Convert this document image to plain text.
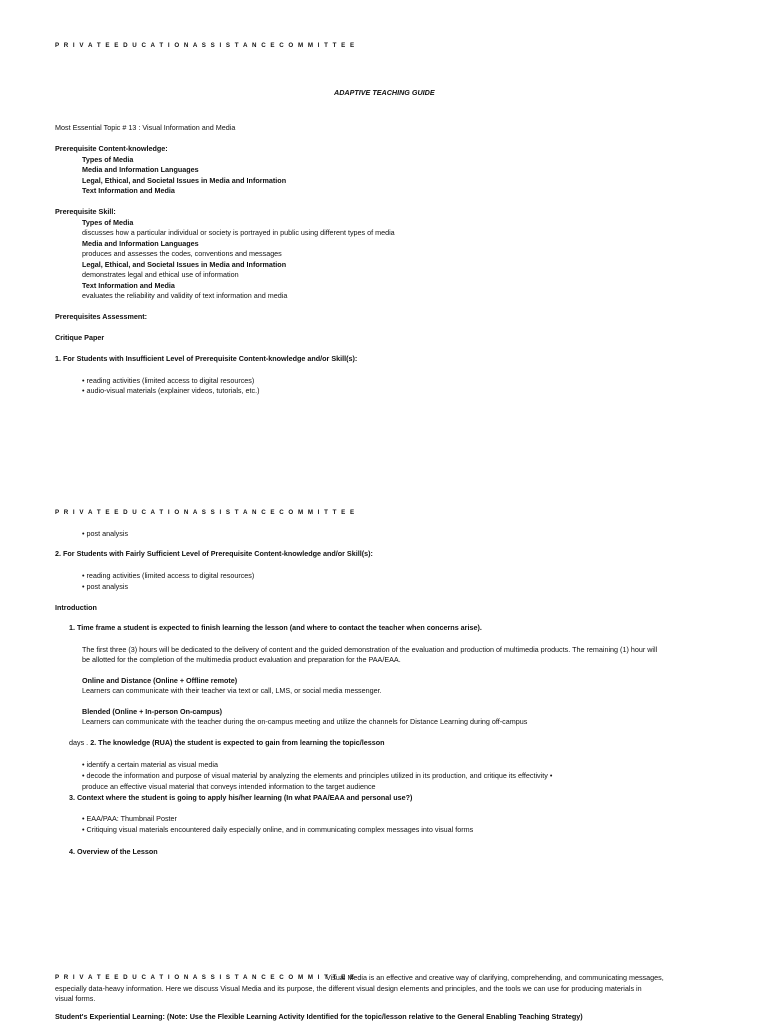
P R I V A T E E D U C A T I O N A S S I S T A N C E C O M M I T T E E
ADAPTIVE TEACHING GUIDE
Most Essential Topic # 13 : Visual Information and Media
Prerequisite Content-knowledge:
Types of Media
Media and Information Languages
Legal, Ethical, and Societal Issues in Media and Information
Text Information and Media
Prerequisite Skill:
Types of Media
discusses how a particular individual or society is portrayed in public using different types of media
Media and Information Languages
produces and assesses the codes, conventions and messages
Legal, Ethical, and Societal Issues in Media and Information
demonstrates legal and ethical use of information
Text Information and Media
evaluates the reliability and validity of text information and media
Prerequisites Assessment:
Critique Paper
1. For Students with Insufficient Level of Prerequisite Content-knowledge and/or Skill(s):
• reading activities (limited access to digital resources)
• audio-visual materials (explainer videos, tutorials, etc.)
P R I V A T E E D U C A T I O N A S S I S T A N C E C O M M I T T E E
• post analysis
2. For Students with Fairly Sufficient Level of Prerequisite Content-knowledge and/or Skill(s):
• reading activities (limited access to digital resources)
• post analysis
Introduction
1. Time frame a student is expected to finish learning the lesson (and where to contact the teacher when concerns arise).
The first three (3) hours will be dedicated to the delivery of content and the guided demonstration of the evaluation and production of multimedia products. The remaining (1) hour will
be allotted for the completion of the multimedia product evaluation and preparation for the PAA/EAA.
Online and Distance (Online + Offline remote)
Learners can communicate with their teacher via text or call, LMS, or social media messenger.
Blended (Online + In-person On-campus)
Learners can communicate with the teacher during the on-campus meeting and utilize the channels for Distance Learning during off-campus
days . 2. The knowledge (RUA) the student is expected to gain from learning the topic/lesson
• identify a certain material as visual media
• decode the information and purpose of visual material by analyzing the elements and principles utilized in its production, and critique its effectivity •
produce an effective visual material that conveys intended information to the target audience
3. Context where the student is going to apply his/her learning (In what PAA/EAA and personal use?)
• EAA/PAA: Thumbnail Poster
• Critiquing visual materials encountered daily especially online, and in communicating complex messages into visual forms
4. Overview of the Lesson
P R I V A T E E D U C A T I O N A S S I S T A N C E C O M M I T T E E
Visual Media is an effective and creative way of clarifying, comprehending, and communicating messages,
especially data-heavy information. Here we discuss Visual Media and its purpose, the different visual design elements and principles, and the tools we can use for producing materials in
visual forms.
Student's Experiential Learning: (Note: Use the Flexible Learning Activity Identified for the topic/lesson relative to the General Enabling Teaching Strategy)
